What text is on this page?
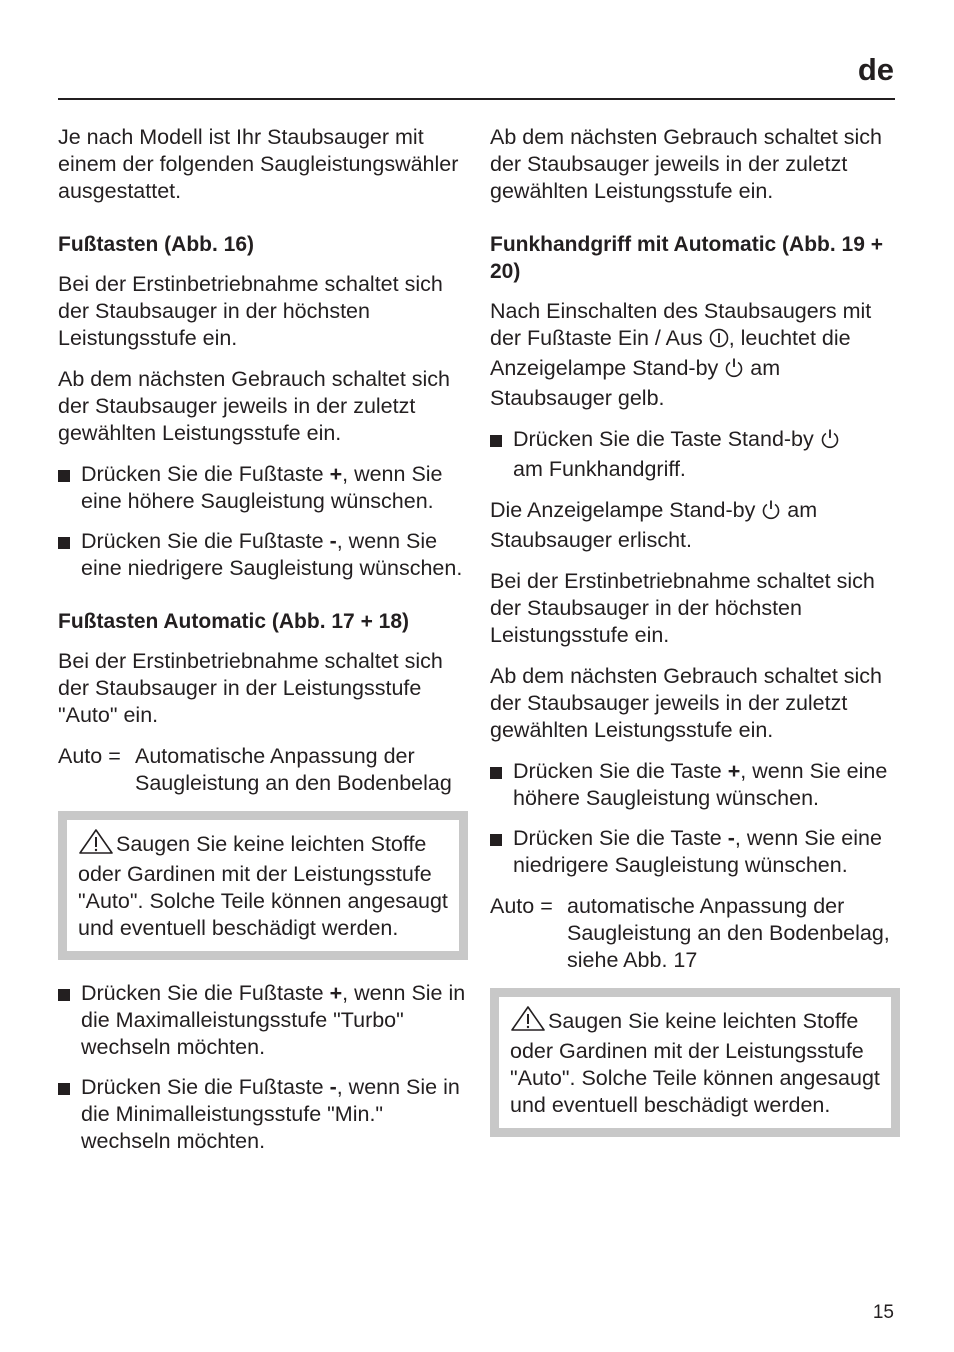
de

Je nach Modell ist Ihr Staubsauger mit einem der folgenden Saugleistungswähler ausgestattet.

Fußtasten (Abb. 16)

Bei der Erstinbetriebnahme schaltet sich der Staubsauger in der höchsten Leistungsstufe ein.

Ab dem nächsten Gebrauch schaltet sich der Staubsauger jeweils in der zuletzt gewählten Leistungsstufe ein.

Drücken Sie die Fußtaste +, wenn Sie eine höhere Saugleistung wünschen.
Drücken Sie die Fußtaste -, wenn Sie eine niedrigere Saugleistung wünschen.
Fußtasten Automatic (Abb. 17 + 18)

Bei der Erstinbetriebnahme schaltet sich der Staubsauger in der Leistungsstufe "Auto" ein.

Auto = Automatische Anpassung der Saugleistung an den Bodenbelag
Saugen Sie keine leichten Stoffe oder Gardinen mit der Leistungsstufe "Auto". Solche Teile können angesaugt und eventuell beschädigt werden.
Drücken Sie die Fußtaste +, wenn Sie in die Maximalleistungsstufe "Turbo" wechseln möchten.
Drücken Sie die Fußtaste -, wenn Sie in die Minimalleistungsstufe "Min." wechseln möchten.

Ab dem nächsten Gebrauch schaltet sich der Staubsauger jeweils in der zuletzt gewählten Leistungsstufe ein.

Funkhandgriff mit Automatic (Abb. 19 + 20)

Nach Einschalten des Staubsaugers mit der Fußtaste Ein / Aus , leuchtet die Anzeigelampe Stand-by  am Staubsauger gelb.

Drücken Sie die Taste Stand-by
am Funkhandgriff.

Die Anzeigelampe Stand-by  am Staubsauger erlischt.

Bei der Erstinbetriebnahme schaltet sich der Staubsauger in der höchsten Leistungsstufe ein.

Ab dem nächsten Gebrauch schaltet sich der Staubsauger jeweils in der zuletzt gewählten Leistungsstufe ein.

Drücken Sie die Taste +, wenn Sie eine höhere Saugleistung wünschen.
Drücken Sie die Taste -, wenn Sie eine niedrigere Saugleistung wünschen.
Auto = automatische Anpassung der Saugleistung an den Bodenbelag, siehe Abb. 17
Saugen Sie keine leichten Stoffe oder Gardinen mit der Leistungsstufe "Auto". Solche Teile können angesaugt und eventuell beschädigt werden.

15
